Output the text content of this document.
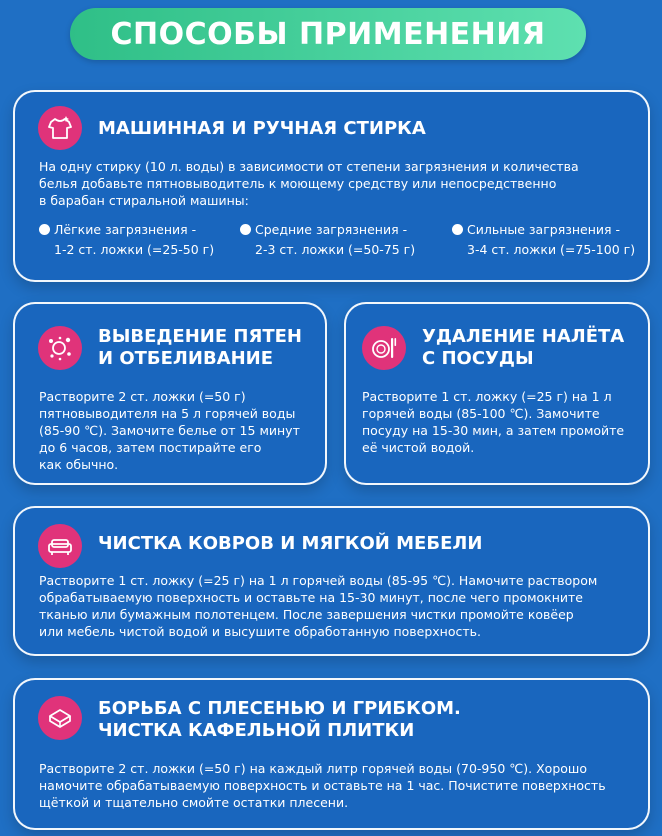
СПОСОБЫ ПРИМЕНЕНИЯ
МАШИННАЯ И РУЧНАЯ СТИРКА
На одну стирку (10 л. воды) в зависимости от степени загрязнения и количества
белья добавьте пятновыводитель к моющему средству или непосредственно
в барабан стиральной машины:
Лёгкие загрязнения -
1-2 ст. ложки (=25-50 г)
Средние загрязнения -
2-3 ст. ложки (=50-75 г)
Сильные загрязнения -
3-4 ст. ложки (=75-100 г)
ВЫВЕДЕНИЕ ПЯТЕН
И ОТБЕЛИВАНИЕ
Растворите 2 ст. ложки (=50 г)
пятновыводителя на 5 л горячей воды
(85-90 ℃). Замочите белье от 15 минут
до 6 часов, затем постирайте его
как обычно.
УДАЛЕНИЕ НАЛЁТА
С ПОСУДЫ
Растворите 1 ст. ложку (=25 г) на 1 л
горячей воды (85-100 ℃). Замочите
посуду на 15-30 мин, а затем промойте
её чистой водой.
ЧИСТКА КОВРОВ И МЯГКОЙ МЕБЕЛИ
Растворите 1 ст. ложку (=25 г) на 1 л горячей воды (85-95 ℃). Намочите раствором
обрабатываемую поверхность и оставьте на 15-30 минут, после чего промокните
тканью или бумажным полотенцем. После завершения чистки промойте ковёер
или мебель чистой водой и высушите обработанную поверхность.
БОРЬБА С ПЛЕСЕНЬЮ И ГРИБКОМ.
ЧИСТКА КАФЕЛЬНОЙ ПЛИТКИ
Растворите 2 ст. ложки (=50 г) на каждый литр горячей воды (70-950 ℃). Хорошо
намочите обрабатываемую поверхность и оставьте на 1 час. Почистите поверхность
щёткой и тщательно смойте остатки плесени.
